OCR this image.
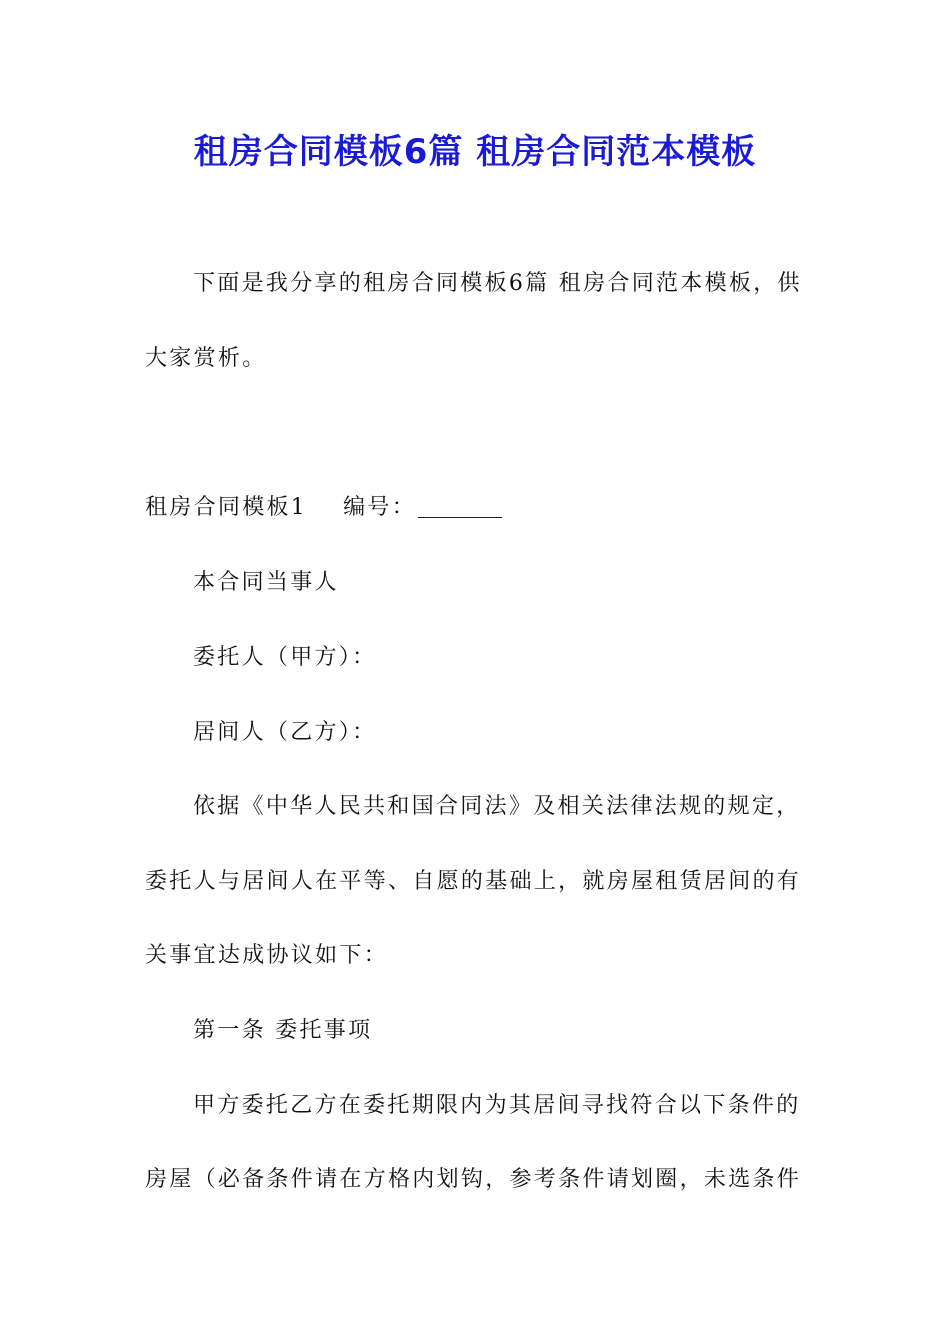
租房合同模板6篇 租房合同范本模板
下面是我分享的租房合同模板6篇 租房合同范本模板，供
大家赏析。
租房合同模板1 编号：
本合同当事人
委托人（甲方）：
居间人（乙方）：
依据《中华人民共和国合同法》及相关法律法规的规定，
委托人与居间人在平等、自愿的基础上，就房屋租赁居间的有
关事宜达成协议如下：
第一条 委托事项
甲方委托乙方在委托期限内为其居间寻找符合以下条件的
房屋（必备条件请在方格内划钩，参考条件请划圈，未选条件
